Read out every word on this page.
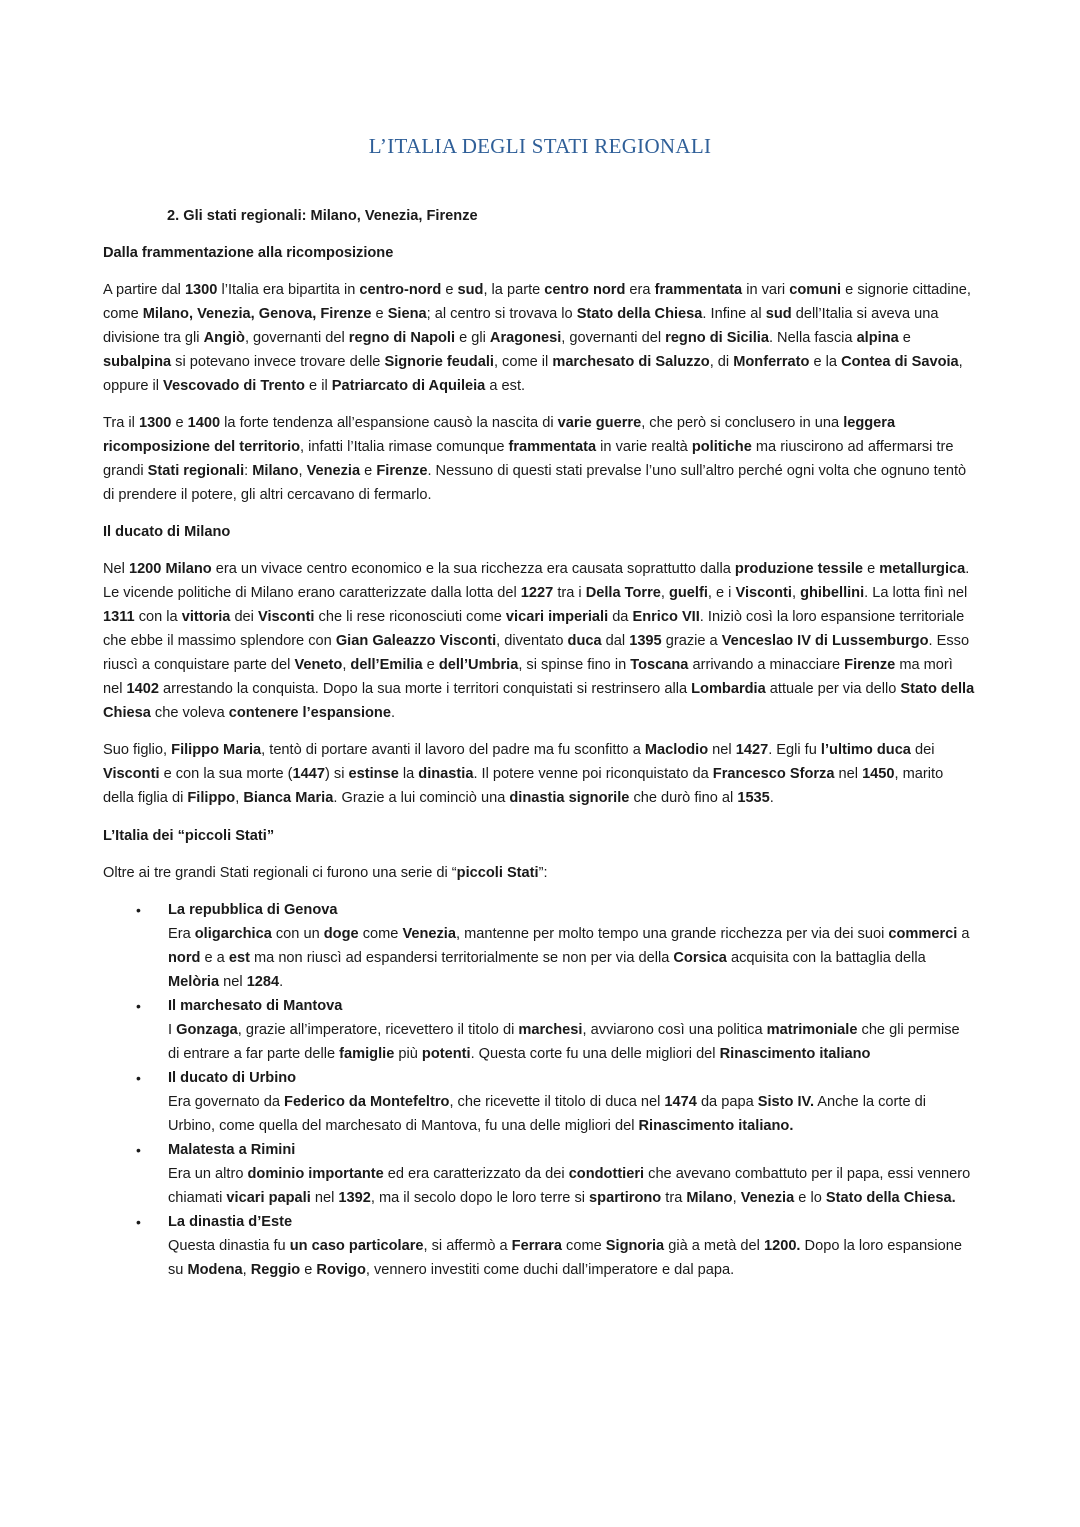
L’ITALIA DEGLI STATI REGIONALI
2. Gli stati regionali: Milano, Venezia, Firenze
Dalla frammentazione alla ricomposizione

A partire dal 1300 l’Italia era bipartita in centro-nord e sud, la parte centro nord era frammentata in vari comuni e signorie cittadine, come Milano, Venezia, Genova, Firenze e Siena; al centro si trovava lo Stato della Chiesa. Infine al sud dell’Italia si aveva una divisione tra gli Angiò, governanti del regno di Napoli e gli Aragonesi, governanti del regno di Sicilia. Nella fascia alpina e subalpina si potevano invece trovare delle Signorie feudali, come il marchesato di Saluzzo, di Monferrato e la Contea di Savoia, oppure il Vescovado di Trento e il Patriarcato di Aquileia a est.

Tra il 1300 e 1400 la forte tendenza all’espansione causò la nascita di varie guerre, che però si conclusero in una leggera ricomposizione del territorio, infatti l’Italia rimase comunque frammentata in varie realtà politiche ma riuscirono ad affermarsi tre grandi Stati regionali: Milano, Venezia e Firenze. Nessuno di questi stati prevalse l’uno sull’altro perché ogni volta che ognuno tentò di prendere il potere, gli altri cercavano di fermarlo.

Il ducato di Milano

Nel 1200 Milano era un vivace centro economico e la sua ricchezza era causata soprattutto dalla produzione tessile e metallurgica. Le vicende politiche di Milano erano caratterizzate dalla lotta del 1227 tra i Della Torre, guelfi, e i Visconti, ghibellini. La lotta finì nel 1311 con la vittoria dei Visconti che li rese riconosciuti come vicari imperiali da Enrico VII. Iniziò così la loro espansione territoriale che ebbe il massimo splendore con Gian Galeazzo Visconti, diventato duca dal 1395 grazie a Venceslao IV di Lussemburgo. Esso riuscì a conquistare parte del Veneto, dell’Emilia e dell’Umbria, si spinse fino in Toscana arrivando a minacciare Firenze ma morì nel 1402 arrestando la conquista. Dopo la sua morte i territori conquistati si restrinsero alla Lombardia attuale per via dello Stato della Chiesa che voleva contenere l’espansione.

Suo figlio, Filippo Maria, tentò di portare avanti il lavoro del padre ma fu sconfitto a Maclodio nel 1427. Egli fu l’ultimo duca dei Visconti e con la sua morte (1447) si estinse la dinastia. Il potere venne poi riconquistato da Francesco Sforza nel 1450, marito della figlia di Filippo, Bianca Maria. Grazie a lui cominciò una dinastia signorile che durò fino al 1535.

L’Italia dei “piccoli Stati”

Oltre ai tre grandi Stati regionali ci furono una serie di “piccoli Stati”:

• La repubblica di Genova
Era oligarchica con un doge come Venezia, mantenne per molto tempo una grande ricchezza per via dei suoi commerci a nord e a est ma non riuscì ad espandersi territorialmente se non per via della Corsica acquisita con la battaglia della Melòria nel 1284.
• Il marchesato di Mantova
I Gonzaga, grazie all’imperatore, ricevettero il titolo di marchesi, avviarono così una politica matrimoniale che gli permise di entrare a far parte delle famiglie più potenti. Questa corte fu una delle migliori del Rinascimento italiano
• Il ducato di Urbino
Era governato da Federico da Montefeltro, che ricevette il titolo di duca nel 1474 da papa Sisto IV. Anche la corte di Urbino, come quella del marchesato di Mantova, fu una delle migliori del Rinascimento italiano.
• Malatesta a Rimini
Era un altro dominio importante ed era caratterizzato da dei condottieri che avevano combattuto per il papa, essi vennero chiamati vicari papali nel 1392, ma il secolo dopo le loro terre si spartirono tra Milano, Venezia e lo Stato della Chiesa.
• La dinastia d’Este
Questa dinastia fu un caso particolare, si affermò a Ferrara come Signoria già a metà del 1200. Dopo la loro espansione su Modena, Reggio e Rovigo, vennero investiti come duchi dall’imperatore e dal papa.
